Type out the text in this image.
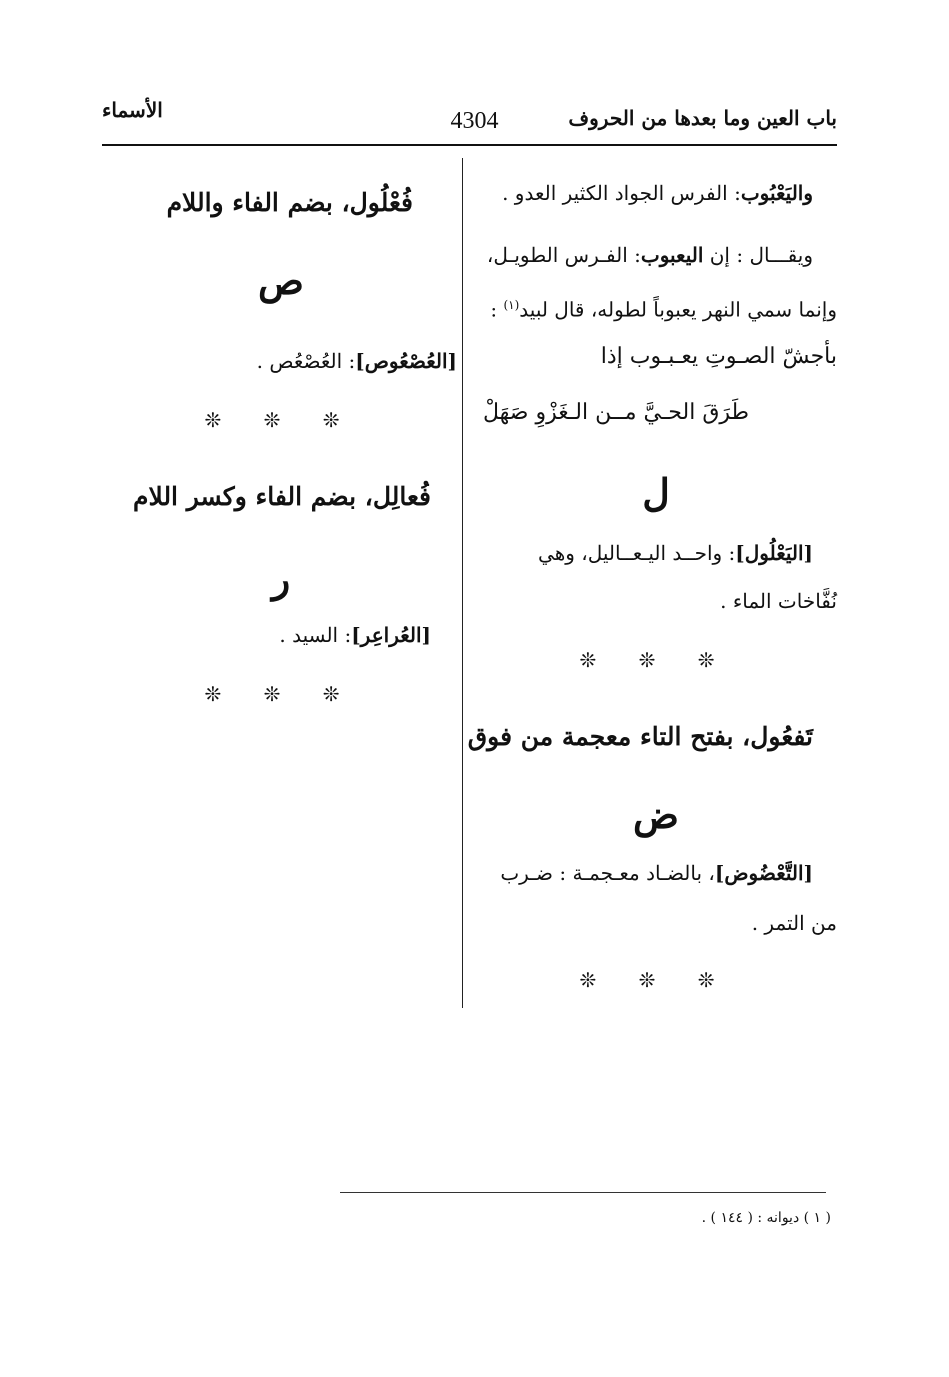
باب العين وما بعدها من الحروف
4304
الأسماء
واليَعْبُوب: الفرس الجواد الكثير العدو .
ويقـــال : إن اليعبوب: الفـرس الطويـل،
وإنما سمي النهر يعبوباً لطوله، قال لبيد$^{(١)}$ :
بأجشّ الصـوتِ يعـبـوب إذا
طَرَقَ الحـيَّ مــن الـغَزْوِ صَهَلْ
ل
[اليَعْلُول]: واحــد اليـعــاليل، وهي
نُفَّاخات الماء .
❊ ❊ ❊
تَفعُول، بفتح التاء معجمة من فوق
ض
[التَّعْضُوض]، بالضـاد معـجمـة : ضـرب
من التمر .
❊ ❊ ❊
فُعْلُول، بضم الفاء واللام
ص
[العُصْعُوص]: العُصْعُص .
❊ ❊ ❊
فُعالِل، بضم الفاء وكسر اللام
ر
[العُراعِر]: السيد .
❊ ❊ ❊
( ١ ) ديوانه : ( ١٤٤ ) .
